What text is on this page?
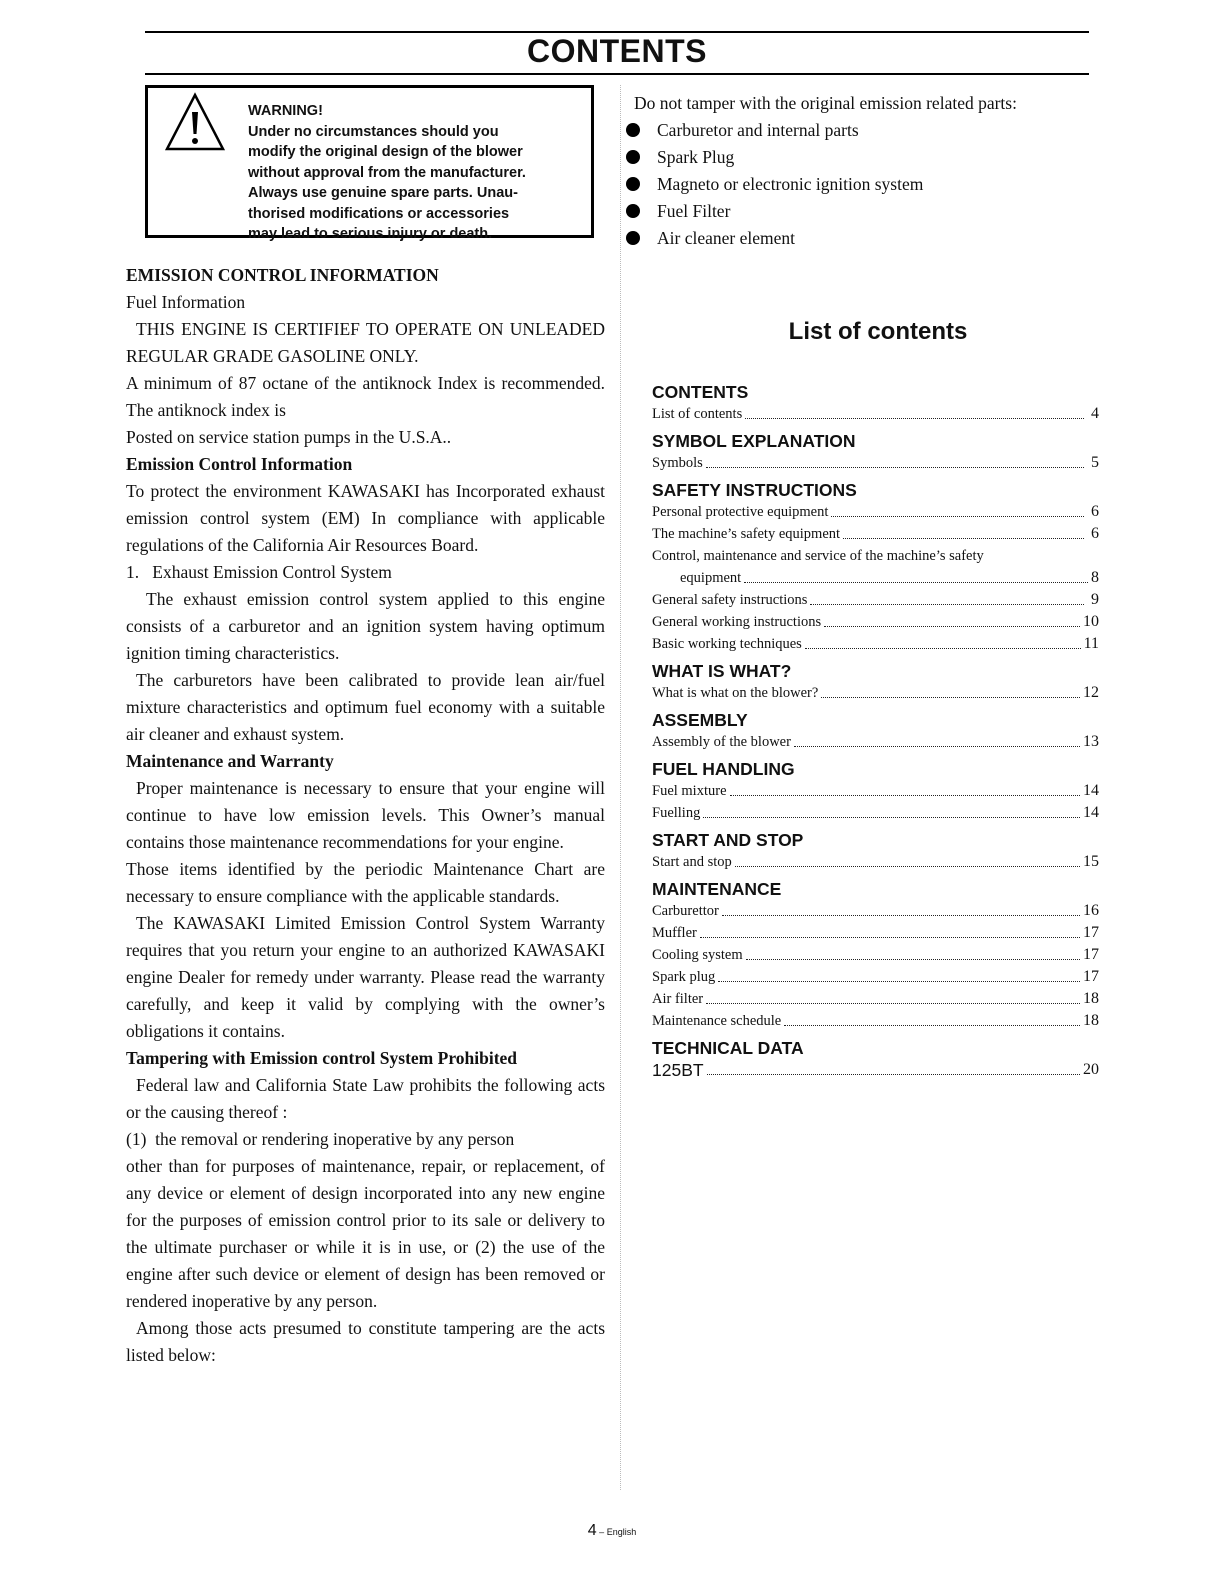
CONTENTS

WARNING!

Under no circumstances should you

modify the original design of the blower

without approval from the manufacturer.

Always use genuine spare parts. Unau-

thorised modifications or accessories

may lead to serious injury or death.

EMISSION CONTROL INFORMATION

Fuel Information

THIS ENGINE IS CERTIFIEF TO OPERATE ON UNLEADED REGULAR GRADE GASOLINE ONLY.

A minimum of 87 octane of the antiknock Index is recommended. The antiknock index is

Posted on service station pumps in the U.S.A..

Emission Control Information

To protect the environment KAWASAKI has Incorporated exhaust emission control system (EM) In compliance with applicable regulations of the California Air Resources Board.

1.   Exhaust Emission Control System

The exhaust emission control system applied to this engine consists of a carburetor and an ignition system having optimum ignition timing characteristics.

The carburetors have been calibrated to provide lean air/fuel mixture characteristics and optimum fuel economy with a suitable air cleaner and exhaust system.

Maintenance and Warranty

Proper maintenance is necessary to ensure that your engine will continue to have low emission levels. This Owner’s manual contains those maintenance recommendations for your engine.

Those items identified by the periodic Maintenance Chart are necessary to ensure compliance with the applicable standards.

The KAWASAKI Limited Emission Control System Warranty requires that you return your engine to an authorized KAWASAKI engine Dealer for remedy under warranty. Please read the warranty carefully, and keep it valid by complying with the owner’s obligations it contains.

Tampering with Emission control System Prohibited

Federal law and California State Law prohibits the following acts or the causing thereof :

(1)  the removal or rendering inoperative by any person

other than for purposes of maintenance, repair, or replacement, of any device or element of design incorporated into any new engine for the purposes of emission control prior to its sale or delivery to the ultimate purchaser or while it is in use, or (2) the use of the engine after such device or element of design has been removed or rendered inoperative by any person.

Among those acts presumed to constitute tampering are the acts listed below:

Do not tamper with the original emission related parts:

Carburetor and internal parts
Spark Plug
Magneto or electronic ignition system
Fuel Filter
Air cleaner element
List of contents
CONTENTS
List of contents	4
SYMBOL EXPLANATION
Symbols	5
SAFETY INSTRUCTIONS
Personal protective equipment	6
The machine’s safety equipment	6
Control, maintenance and service of the machine’s safety
equipment	8
General safety instructions	9
General working instructions	10
Basic working techniques	11
WHAT IS WHAT?
What is what on the blower?	12
ASSEMBLY
Assembly of the blower	13
FUEL HANDLING
Fuel mixture	14
Fuelling	14
START AND STOP
Start and stop	15
MAINTENANCE
Carburettor	16
Muffler	17
Cooling system	17
Spark plug	17
Air filter	18
Maintenance schedule	18
TECHNICAL DATA
125BT	20
4 – English
